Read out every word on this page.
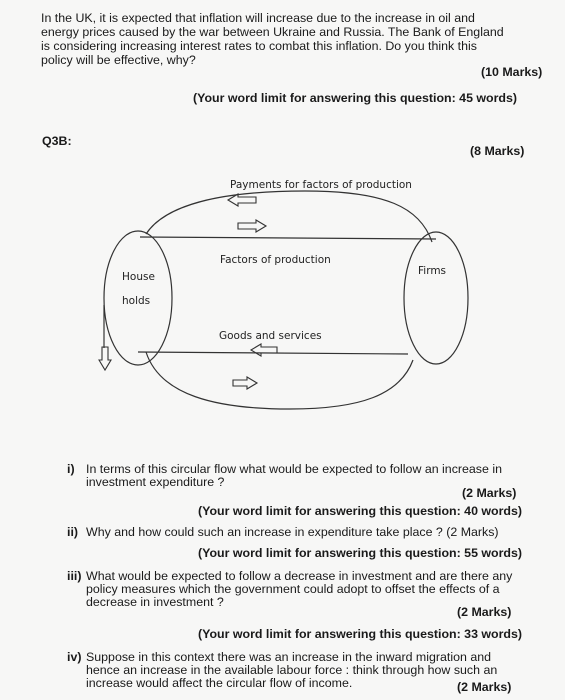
In the UK, it is expected that inflation will increase due to the increase in oil and
energy prices caused by the war between Ukraine and Russia. The Bank of England
is considering increasing interest rates to combat this inflation. Do you think this
policy will be effective, why?
(10 Marks)
(Your word limit for answering this question: 45 words)
Q3B:
(8 Marks)
Payments for factors of production
Factors of production
Goods and services
Firms
House
holds
i) In terms of this circular flow what would be expected to follow an increase in
investment expenditure ?
(2 Marks)
(Your word limit for answering this question: 40 words)
ii) Why and how could such an increase in expenditure take place ? (2 Marks)
(Your word limit for answering this question: 55 words)
iii) What would be expected to follow a decrease in investment and are there any
policy measures which the government could adopt to offset the effects of a
decrease in investment ?
(2 Marks)
(Your word limit for answering this question: 33 words)
iv) Suppose in this context there was an increase in the inward migration and
hence an increase in the available labour force : think through how such an
increase would affect the circular flow of income.	(2 Marks)
